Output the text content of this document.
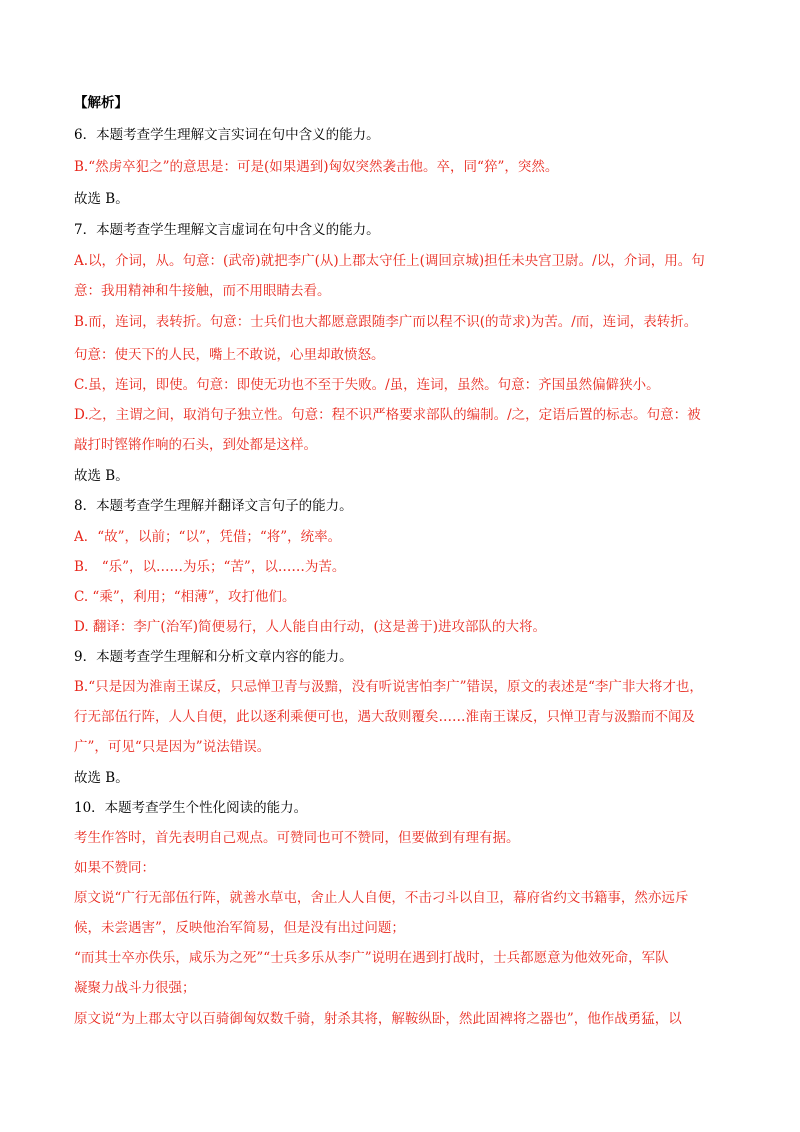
【解析】
6．本题考查学生理解文言实词在句中含义的能力。
B.“然虏卒犯之”的意思是：可是(如果遇到)匈奴突然袭击他。卒，同“猝”，突然。
故选 B。
7．本题考查学生理解文言虚词在句中含义的能力。
A.以，介词，从。句意：(武帝)就把李广(从)上郡太守任上(调回京城)担任未央宫卫尉。/以，介词，用。句
意：我用精神和牛接触，而不用眼睛去看。
B.而，连词，表转折。句意：士兵们也大都愿意跟随李广而以程不识(的苛求)为苦。/而，连词，表转折。
句意：使天下的人民，嘴上不敢说，心里却敢愤怒。
C.虽，连词，即使。句意：即使无功也不至于失败。/虽，连词，虽然。句意：齐国虽然偏僻狭小。
D.之，主谓之间，取消句子独立性。句意：程不识严格要求部队的编制。/之，定语后置的标志。句意：被
敲打时铿锵作响的石头，到处都是这样。
故选 B。
8．本题考查学生理解并翻译文言句子的能力。
A．“故”，以前；“以”，凭借；“将”，统率。
B.　“乐”，以……为乐；“苦”，以……为苦。
C. “乘”，利用；“相薄”，攻打他们。
D. 翻译：李广(治军)简便易行，人人能自由行动，(这是善于)进攻部队的大将。
9．本题考查学生理解和分析文章内容的能力。
B.“只是因为淮南王谋反，只忌惮卫青与汲黯，没有听说害怕李广”错误，原文的表述是“李广非大将才也，
行无部伍行阵，人人自便，此以逐利乘便可也，遇大敌则覆矣……淮南王谋反，只惮卫青与汲黯而不闻及
广”，可见“只是因为”说法错误。
故选 B。
10．本题考查学生个性化阅读的能力。
考生作答时，首先表明自己观点。可赞同也可不赞同，但要做到有理有据。
如果不赞同：
原文说“广行无部伍行阵，就善水草屯，舍止人人自便，不击刁斗以自卫，幕府省约文书籍事，然亦远斥
候，未尝遇害”，反映他治军简易，但是没有出过问题；
“而其士卒亦佚乐，咸乐为之死”“士兵多乐从李广”说明在遇到打战时，士兵都愿意为他效死命，军队
凝聚力战斗力很强；
原文说“为上郡太守以百骑御匈奴数千骑，射杀其将，解鞍纵卧，然此固裨将之器也”，他作战勇猛，以
